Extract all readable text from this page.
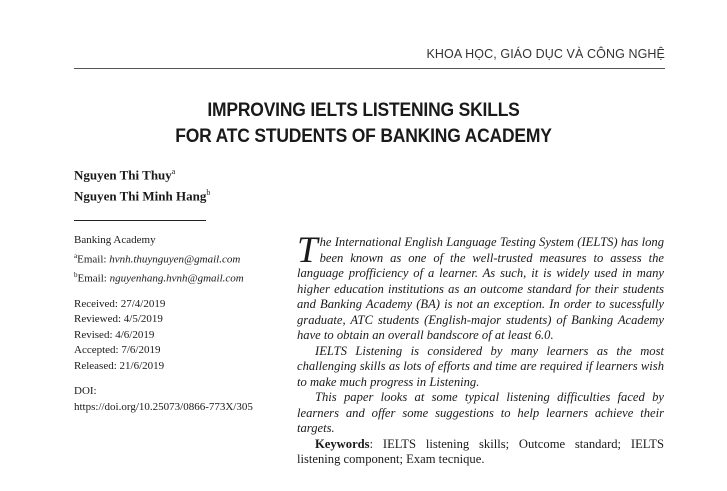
KHOA HỌC, GIÁO DỤC VÀ CÔNG NGHỆ
IMPROVING IELTS LISTENING SKILLS
FOR ATC STUDENTS OF BANKING ACADEMY
Nguyen Thi Thuy$^a$
Nguyen Thi Minh Hang$^b$
Banking Academy
$^a$Email: hvnh.thuynguyen@gmail.com
$^b$Email: nguyenhang.hvnh@gmail.com
Received: 27/4/2019
Reviewed: 4/5/2019
Revised: 4/6/2019
Accepted: 7/6/2019
Released: 21/6/2019
DOI:
https://doi.org/10.25073/0866-773X/305

The International English Language Testing System (IELTS) has long been known as one of the well-trusted measures to assess the language profficiency of a learner. As such, it is widely used in many higher education institutions as an outcome standard for their students and Banking Academy (BA) is not an exception. In order to sucessfully graduate, ATC students (English-major students) of Banking Academy have to obtain an overall bandscore of at least 6.0.

IELTS Listening is considered by many learners as the most challenging skills as lots of efforts and time are required if learners wish to make much progress in Listening.

This paper looks at some typical listening difficulties faced by learners and offer some suggestions to help learners achieve their targets.

Keywords: IELTS listening skills; Outcome standard; IELTS listening component; Exam tecnique.
